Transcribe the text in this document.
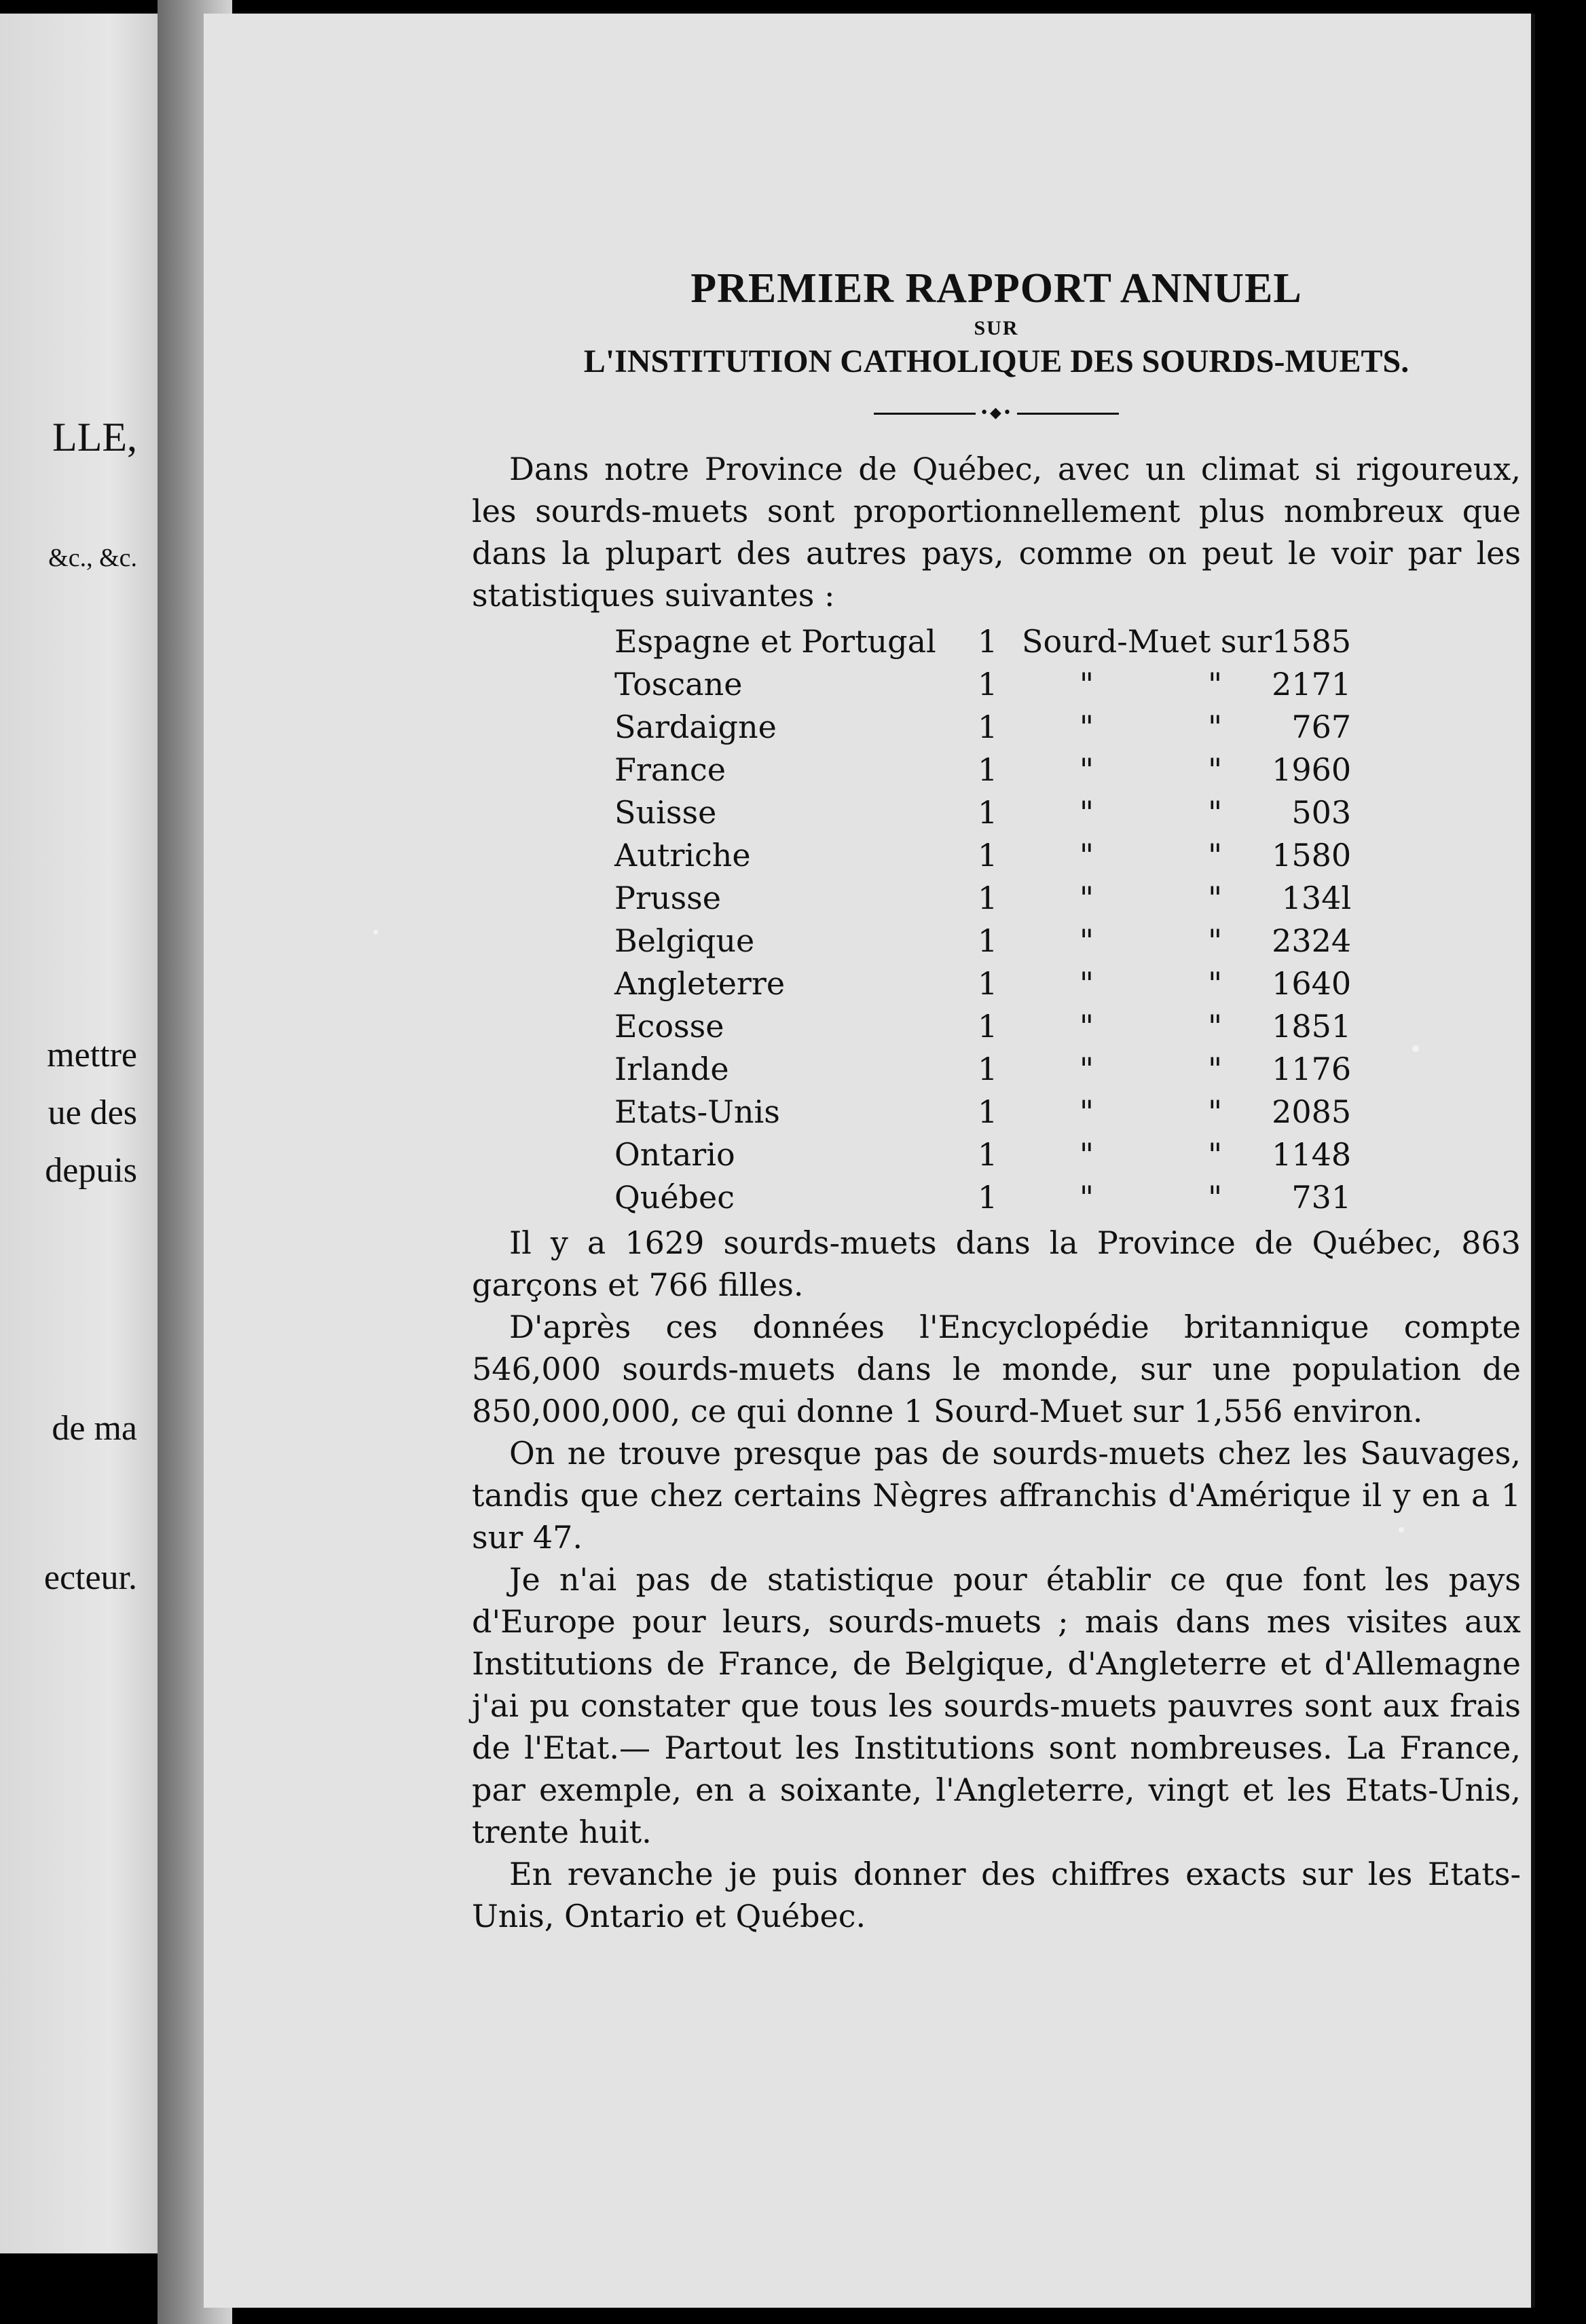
LLE,
&c., &c.
mettre
ue des
depuis
de ma
ecteur.
PREMIER RAPPORT ANNUEL
SUR
L'INSTITUTION CATHOLIQUE DES SOURDS-MUETS.
•◆•

Dans notre Province de Québec, avec un climat si rigoureux, les sourds-muets sont proportionnellement plus nombreux que dans la plupart des autres pays, comme on peut le voir par les statistiques suivantes :

Espagne et Portugal	1	Sourd-Muet sur		1585
Toscane	1	"	"	2171
Sardaigne	1	"	"	767
France	1	"	"	1960
Suisse	1	"	"	503
Autriche	1	"	"	1580
Prusse	1	"	"	134l
Belgique	1	"	"	2324
Angleterre	1	"	"	1640
Ecosse	1	"	"	1851
Irlande	1	"	"	1176
Etats-Unis	1	"	"	2085
Ontario	1	"	"	1148
Québec	1	"	"	731

Il y a 1629 sourds-muets dans la Province de Québec, 863 garçons et 766 filles.

D'après ces données l'Encyclopédie britannique compte 546,000 sourds-muets dans le monde, sur une population de 850,000,000, ce qui donne 1 Sourd-Muet sur 1,556 environ.

On ne trouve presque pas de sourds-muets chez les Sauvages, tandis que chez certains Nègres affranchis d'Amérique il y en a 1 sur 47.

Je n'ai pas de statistique pour établir ce que font les pays d'Europe pour leurs, sourds-muets ; mais dans mes visites aux Institutions de France, de Belgique, d'Angleterre et d'Allemagne j'ai pu constater que tous les sourds-muets pauvres sont aux frais de l'Etat.— Partout les Institutions sont nombreuses. La France, par exemple, en a soixante, l'Angleterre, vingt et les Etats-Unis, trente huit.

En revanche je puis donner des chiffres exacts sur les Etats-Unis, Ontario et Québec.
